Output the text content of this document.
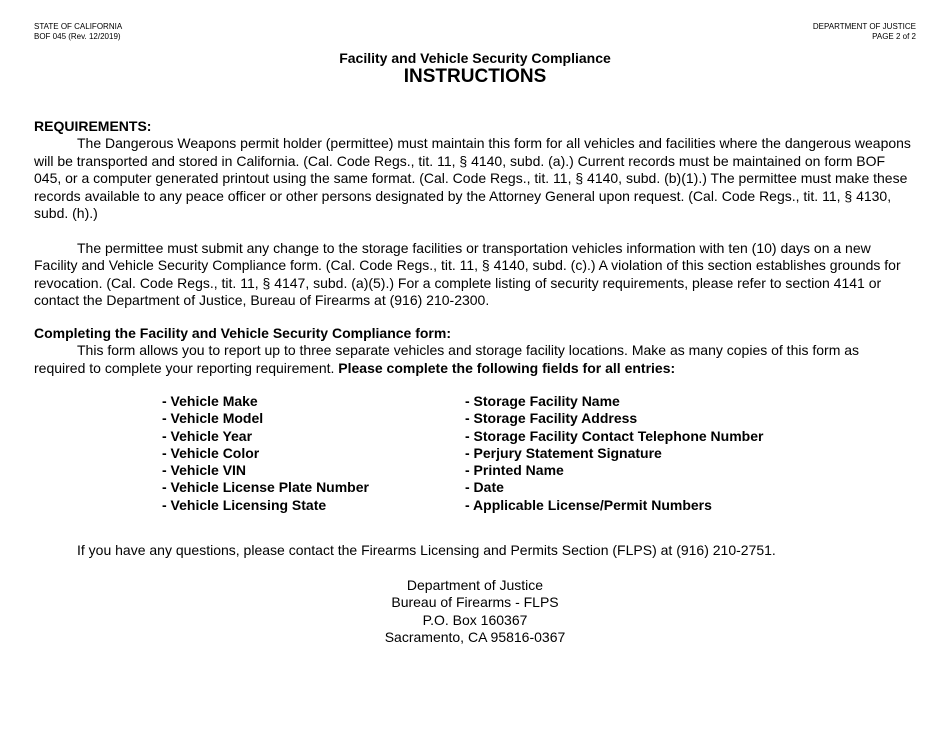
STATE OF CALIFORNIA
BOF 045 (Rev. 12/2019)
DEPARTMENT OF JUSTICE
PAGE 2 of 2
Facility and Vehicle Security Compliance
INSTRUCTIONS
REQUIREMENTS:

The Dangerous Weapons permit holder (permittee) must maintain this form for all vehicles and facilities where the dangerous weapons will be transported and stored in California. (Cal. Code Regs., tit. 11, § 4140, subd. (a).) Current records must be maintained on form BOF 045, or a computer generated printout using the same format. (Cal. Code Regs., tit. 11, § 4140, subd. (b)(1).) The permittee must make these records available to any peace officer or other persons designated by the Attorney General upon request. (Cal. Code Regs., tit. 11, § 4130, subd. (h).)

The permittee must submit any change to the storage facilities or transportation vehicles information with ten (10) days on a new Facility and Vehicle Security Compliance form. (Cal. Code Regs., tit. 11, § 4140, subd. (c).) A violation of this section establishes grounds for revocation. (Cal. Code Regs., tit. 11, § 4147, subd. (a)(5).) For a complete listing of security requirements, please refer to section 4141 or contact the Department of Justice, Bureau of Firearms at (916) 210-2300.

Completing the Facility and Vehicle Security Compliance form:

This form allows you to report up to three separate vehicles and storage facility locations. Make as many copies of this form as required to complete your reporting requirement. Please complete the following fields for all entries:

- Vehicle Make
- Vehicle Model
- Vehicle Year
- Vehicle Color
- Vehicle VIN
- Vehicle License Plate Number
- Vehicle Licensing State
- Storage Facility Name
- Storage Facility Address
- Storage Facility Contact Telephone Number
- Perjury Statement Signature
- Printed Name
- Date
- Applicable License/Permit Numbers
If you have any questions, please contact the Firearms Licensing and Permits Section (FLPS) at (916) 210-2751.
Department of Justice
Bureau of Firearms - FLPS
P.O. Box 160367
Sacramento, CA 95816-0367
